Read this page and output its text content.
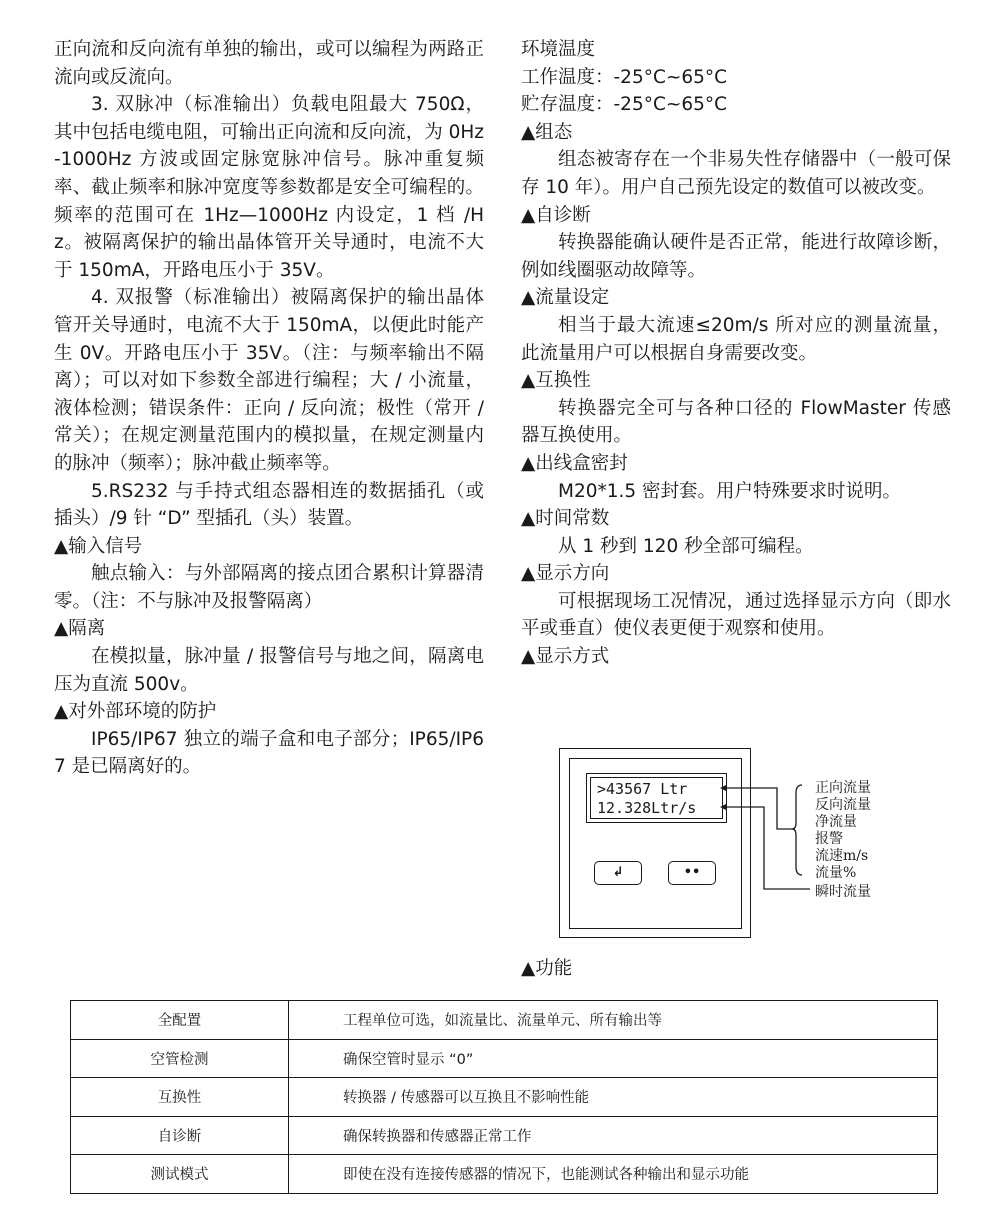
正向流和反向流有单独的输出，或可以编程为两路正流向或反流向。
3. 双脉冲（标准输出）负载电阻最大 750Ω，其中包括电缆电阻，可输出正向流和反向流，为 0Hz-1000Hz 方波或固定脉宽脉冲信号。脉冲重复频率、截止频率和脉冲宽度等参数都是安全可编程的。频率的范围可在 1Hz—1000Hz 内设定，1 档 /Hz。被隔离保护的输出晶体管开关导通时，电流不大于 150mA，开路电压小于 35V。
4. 双报警（标准输出）被隔离保护的输出晶体管开关导通时，电流不大于 150mA，以便此时能产生 0V。开路电压小于 35V。（注：与频率输出不隔离）；可以对如下参数全部进行编程；大 / 小流量，液体检测；错误条件：正向 / 反向流；极性（常开 / 常关）；在规定测量范围内的模拟量，在规定测量内的脉冲（频率）；脉冲截止频率等。
5.RS232 与手持式组态器相连的数据插孔（或插头）/9 针 “D” 型插孔（头）装置。
▲输入信号
触点输入：与外部隔离的接点团合累积计算器清零。（注：不与脉冲及报警隔离）
▲隔离
在模拟量，脉冲量 / 报警信号与地之间，隔离电压为直流 500v。
▲对外部环境的防护
IP65/IP67 独立的端子盒和电子部分；IP65/IP67 是已隔离好的。
环境温度
工作温度：-25°C~65°C
贮存温度：-25°C~65°C
▲组态
组态被寄存在一个非易失性存储器中（一般可保存 10 年）。用户自己预先设定的数值可以被改变。
▲自诊断
转换器能确认硬件是否正常，能进行故障诊断，例如线圈驱动故障等。
▲流量设定
相当于最大流速≤20m/s 所对应的测量流量，此流量用户可以根据自身需要改变。
▲互换性
转换器完全可与各种口径的 FlowMaster 传感器互换使用。
▲出线盒密封
M20*1.5 密封套。用户特殊要求时说明。
▲时间常数
从 1 秒到 120 秒全部可编程。
▲显示方向
可根据现场工况情况，通过选择显示方向（即水平或垂直）使仪表更便于观察和使用。
▲显示方式
>43567 Ltr
12.328Ltr/s
↲	••
正向流量
反向流量
净流量
报警
流速m/s
流量%
瞬时流量
▲功能
全配置	工程单位可选，如流量比、流量单元、所有输出等
空管检测	确保空管时显示 “0”
互换性	转换器 / 传感器可以互换且不影响性能
自诊断	确保转换器和传感器正常工作
测试模式	即使在没有连接传感器的情况下，也能测试各种输出和显示功能
